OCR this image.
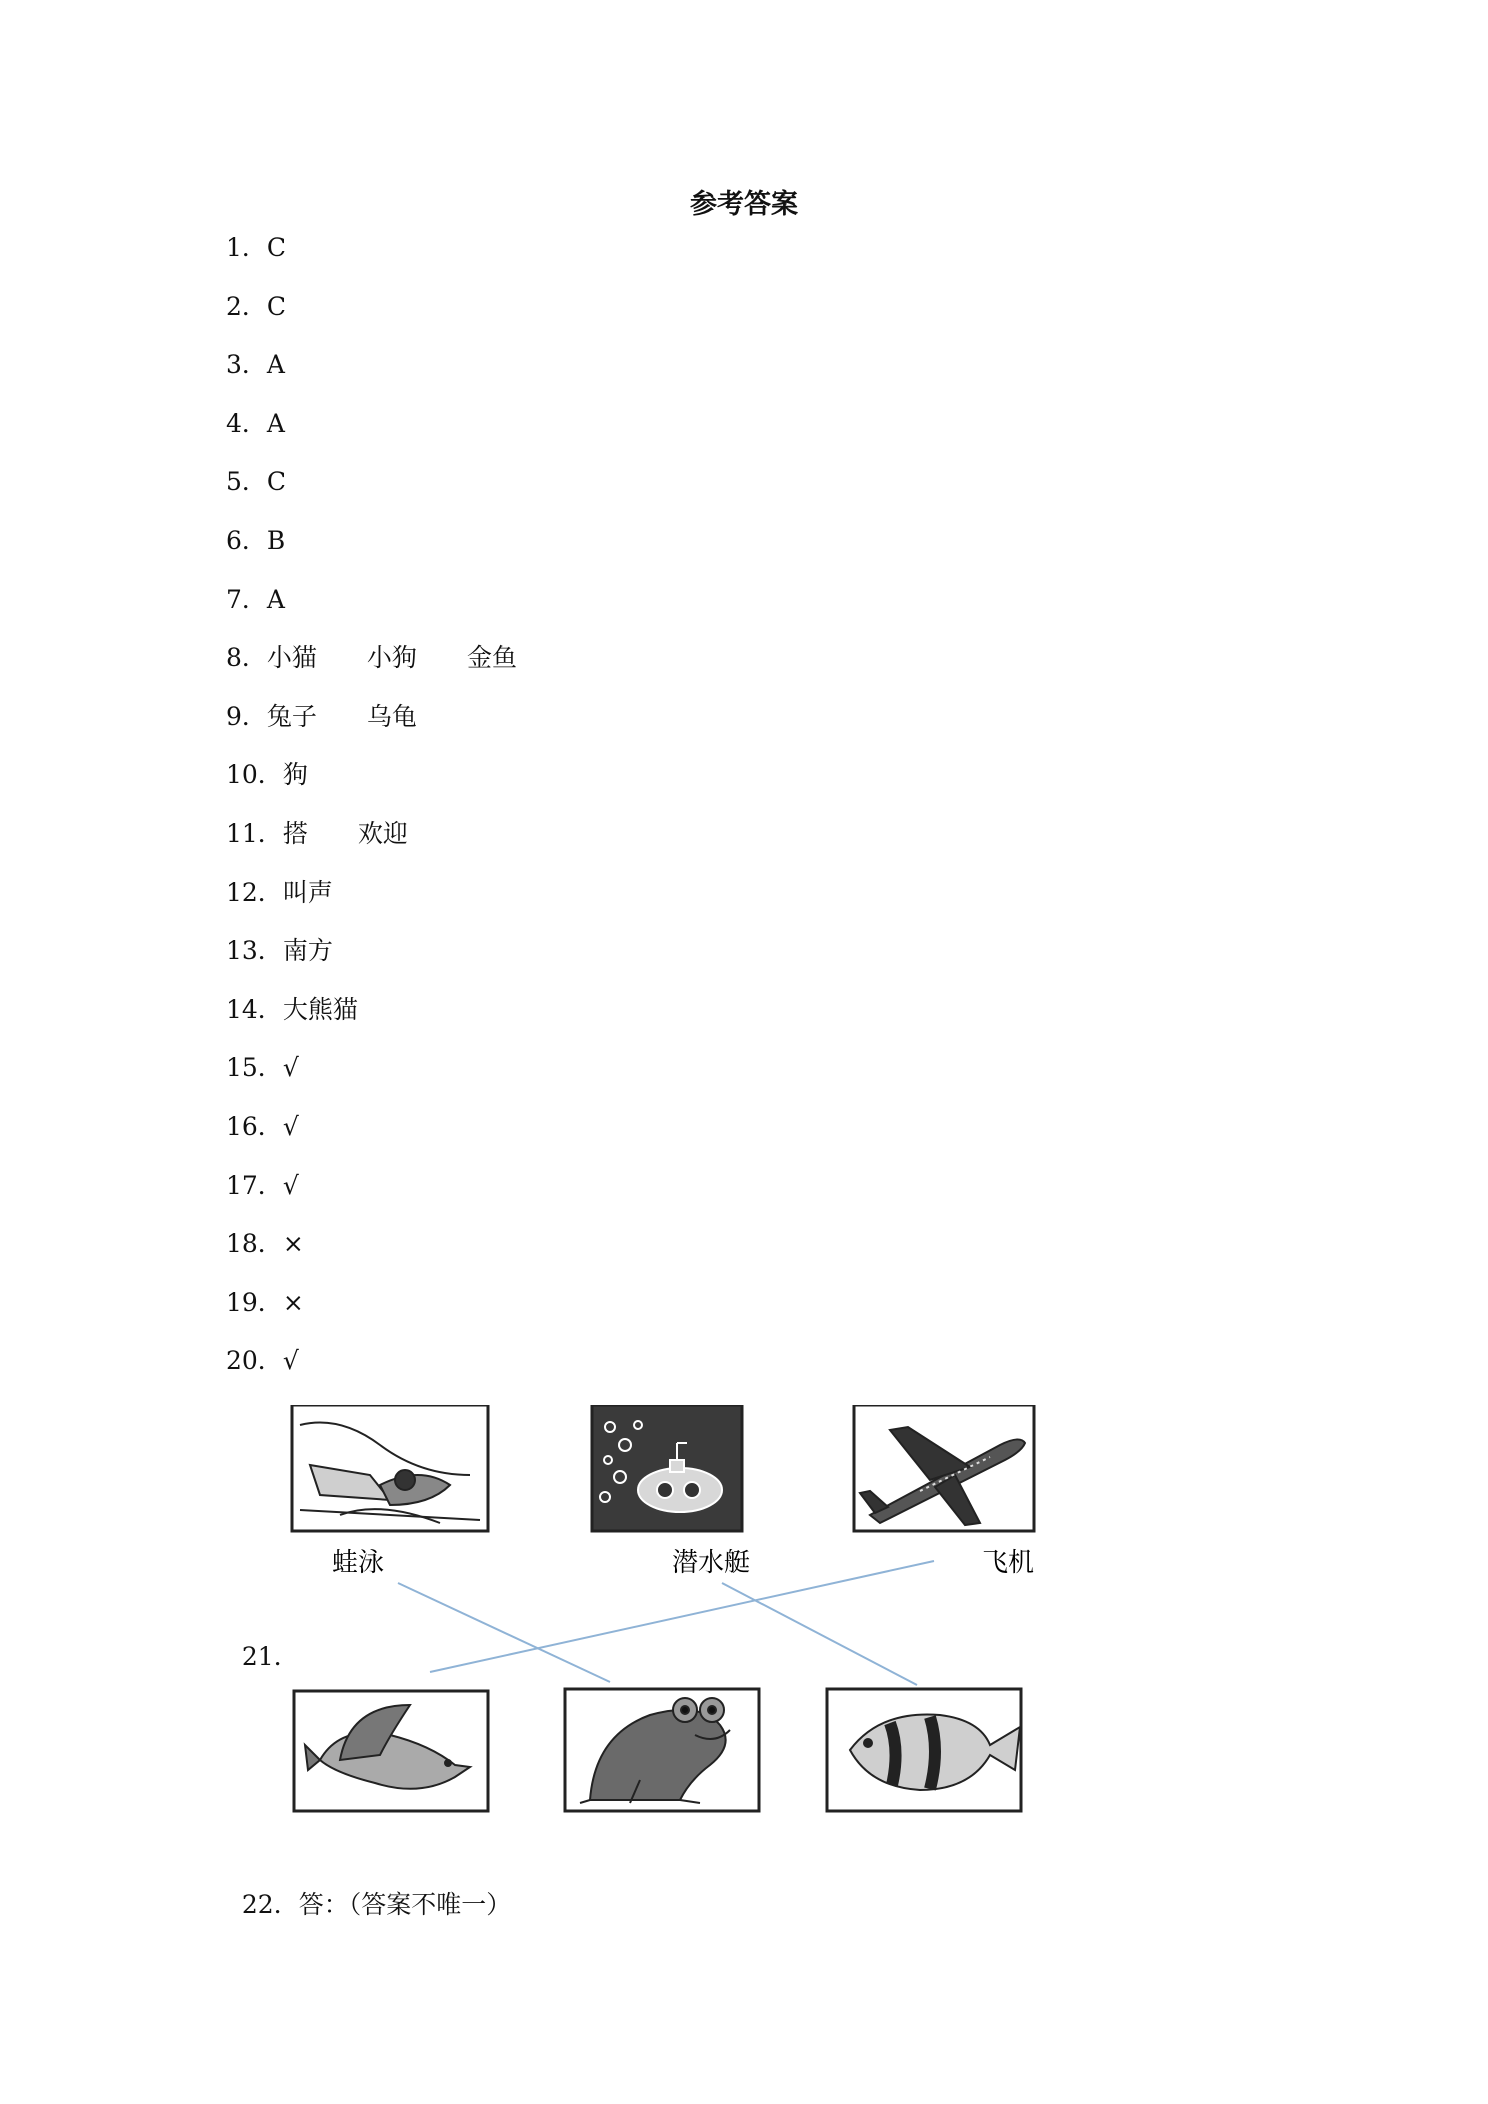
参考答案
1．C
2．C
3．A
4．A
5．C
6．B
7．A
8．小猫 小狗 金鱼
9．兔子 乌龟
10．狗
11．搭 欢迎
12．叫声
13．南方
14．大熊猫
15．√
16．√
17．√
18．×
19．×
20．√

21．

蛙泳	潜水艇	飞机

22．答：（答案不唯一）
